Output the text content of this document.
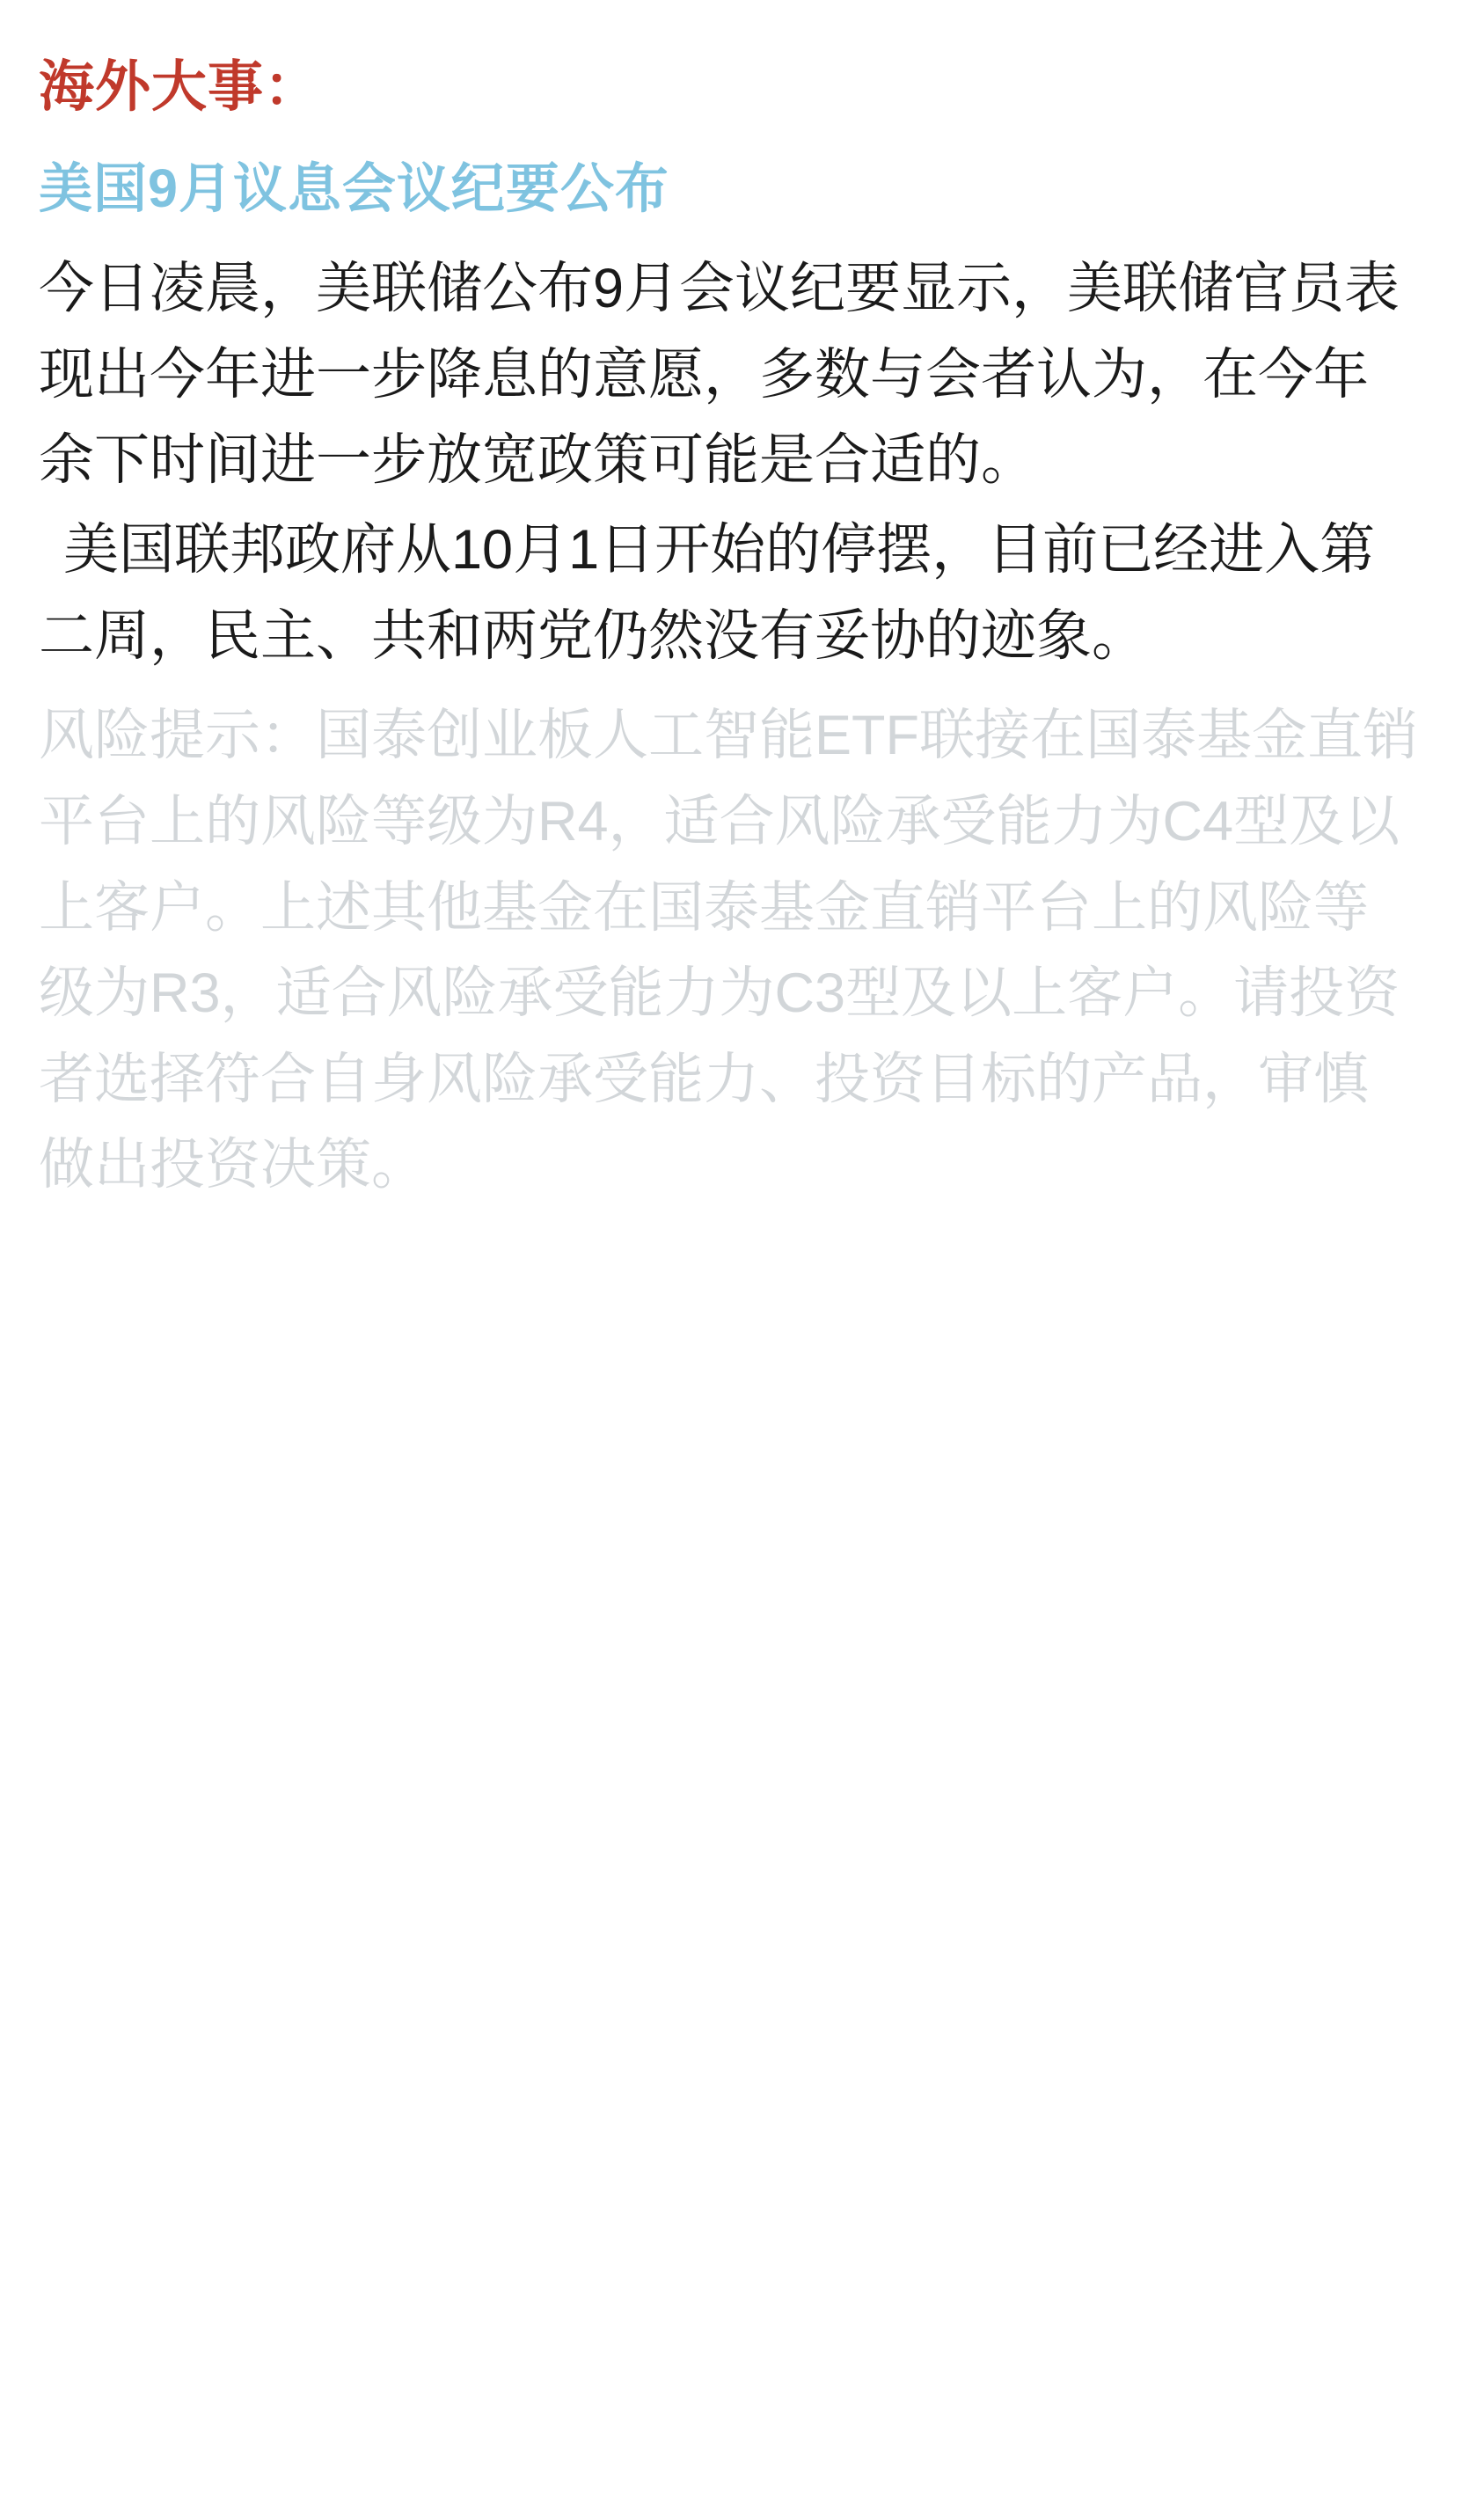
海外大事：
美国9月议息会议纪要公布

今日凌晨，美联储公布9月会议纪要显示，美联储官员表现出今年进一步降息的意愿，多数与会者认为，在今年余下时间进一步放宽政策可能是合适的。

美国联邦政府从10月1日开始的停摆，目前已经进入第二周，民主、共和两党仍然没有妥协的迹象。

风险提示：国泰创业板人工智能ETF联接在国泰基金直销平台上的风险等级为R4，适合风险承受能力为C4型及以上客户。上述其他基金在国泰基金直销平台上的风险等级为R3，适合风险承受能力为C3型及以上客户。请投资者选择符合自身风险承受能力、投资目标的产品，审慎做出投资决策。
